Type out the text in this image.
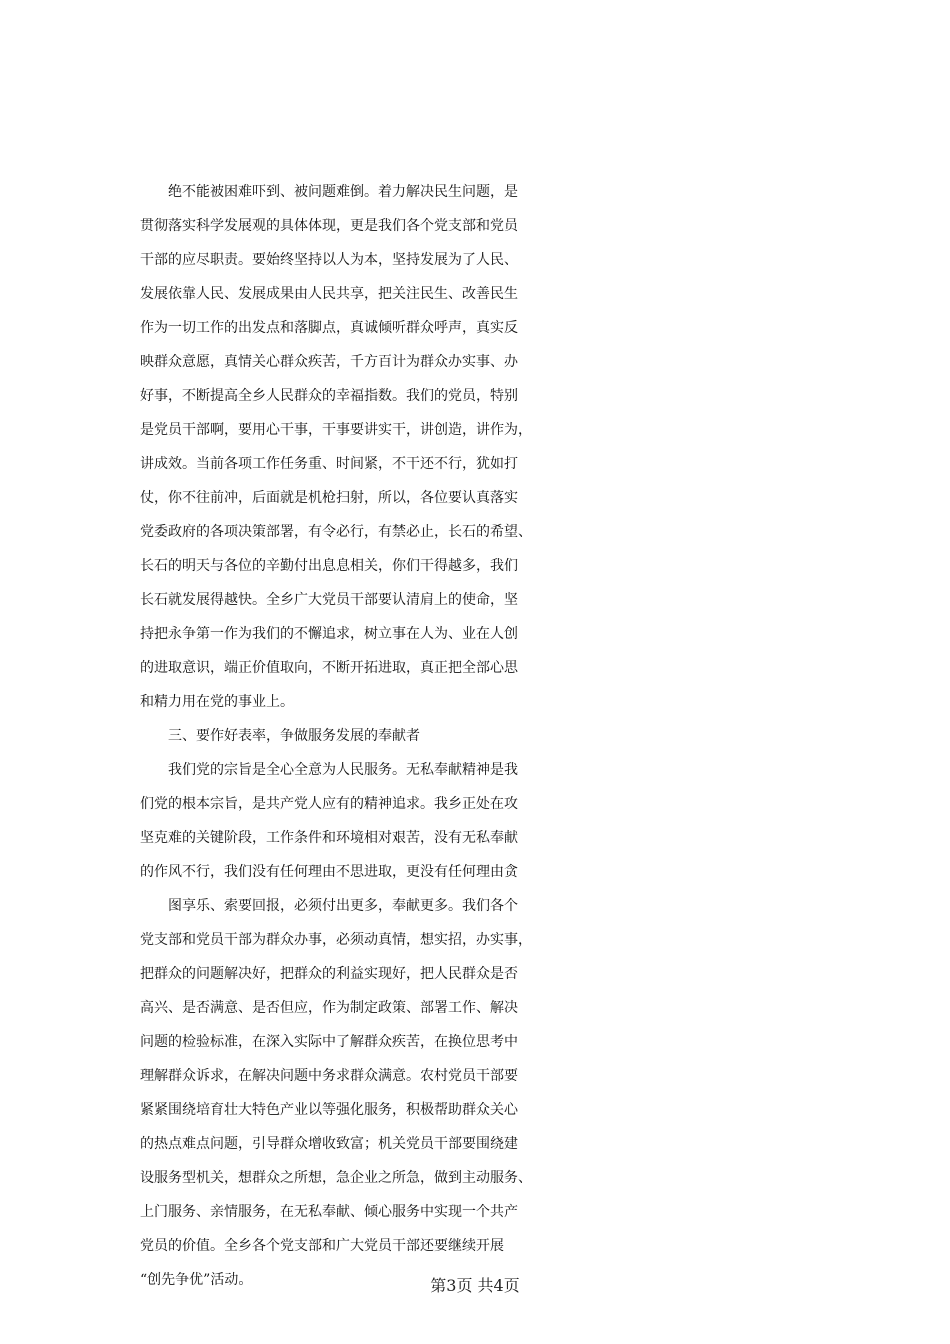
　　绝不能被困难吓到、被问题难倒。着力解决民生问题，是
贯彻落实科学发展观的具体体现，更是我们各个党支部和党员
干部的应尽职责。要始终坚持以人为本，坚持发展为了人民、
发展依靠人民、发展成果由人民共享，把关注民生、改善民生
作为一切工作的出发点和落脚点，真诚倾听群众呼声，真实反
映群众意愿，真情关心群众疾苦，千方百计为群众办实事、办
好事，不断提高全乡人民群众的幸福指数。我们的党员，特别
是党员干部啊，要用心干事，干事要讲实干，讲创造，讲作为，
讲成效。当前各项工作任务重、时间紧，不干还不行，犹如打
仗，你不往前冲，后面就是机枪扫射，所以，各位要认真落实
党委政府的各项决策部署，有令必行，有禁必止，长石的希望、
长石的明天与各位的辛勤付出息息相关，你们干得越多，我们
长石就发展得越快。全乡广大党员干部要认清肩上的使命，坚
持把永争第一作为我们的不懈追求，树立事在人为、业在人创
的进取意识，端正价值取向，不断开拓进取，真正把全部心思
和精力用在党的事业上。
　　三、要作好表率，争做服务发展的奉献者
　　我们党的宗旨是全心全意为人民服务。无私奉献精神是我
们党的根本宗旨，是共产党人应有的精神追求。我乡正处在攻
坚克难的关键阶段，工作条件和环境相对艰苦，没有无私奉献
的作风不行，我们没有任何理由不思进取，更没有任何理由贪
　　图享乐、索要回报，必须付出更多，奉献更多。我们各个
党支部和党员干部为群众办事，必须动真情，想实招，办实事，
把群众的问题解决好，把群众的利益实现好，把人民群众是否
高兴、是否满意、是否但应，作为制定政策、部署工作、解决
问题的检验标准，在深入实际中了解群众疾苦，在换位思考中
理解群众诉求，在解决问题中务求群众满意。农村党员干部要
紧紧围绕培育壮大特色产业以等强化服务，积极帮助群众关心
的热点难点问题，引导群众增收致富；机关党员干部要围绕建
设服务型机关，想群众之所想，急企业之所急，做到主动服务、
上门服务、亲情服务，在无私奉献、倾心服务中实现一个共产
党员的价值。全乡各个党支部和广大党员干部还要继续开展
“创先争优”活动。	第3页 共4页
